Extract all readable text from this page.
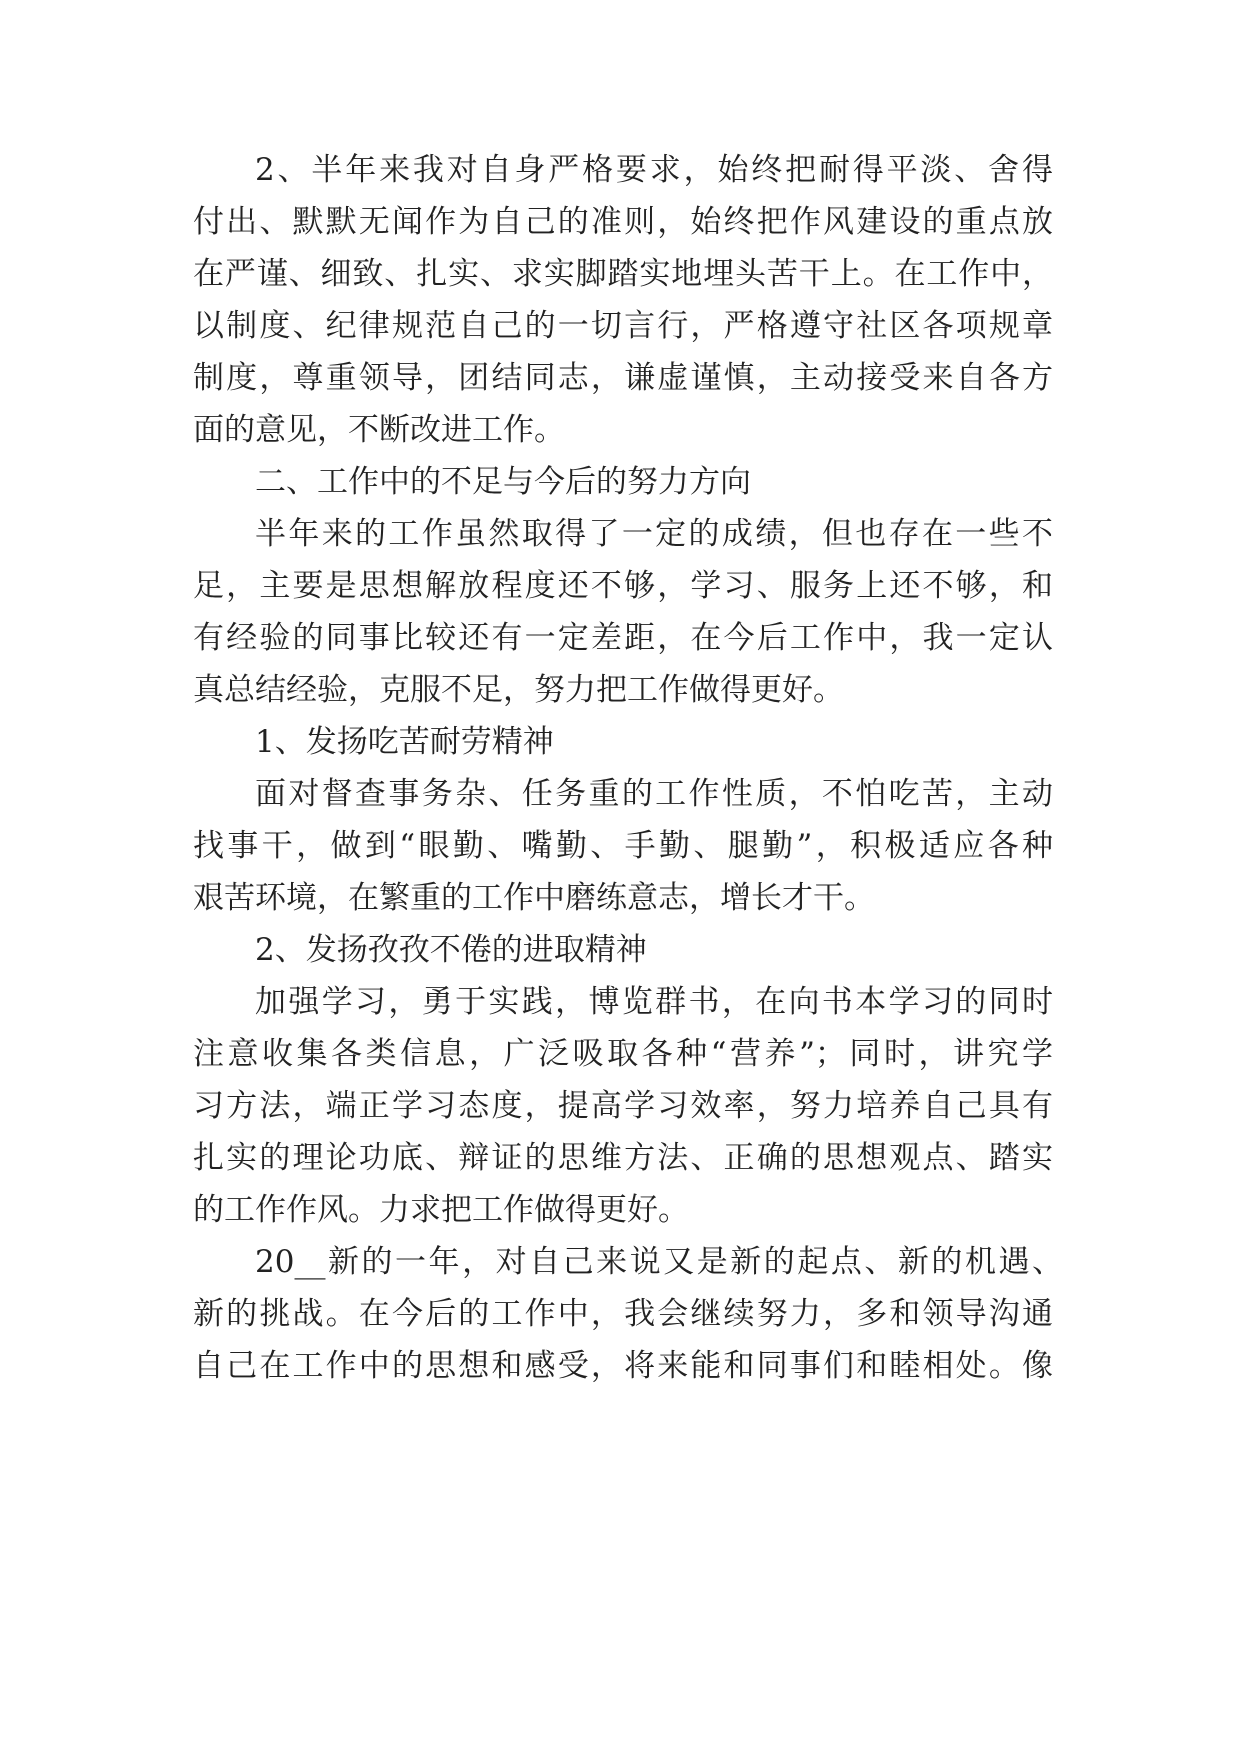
2、半年来我对自身严格要求，始终把耐得平淡、舍得
付出、默默无闻作为自己的准则，始终把作风建设的重点放
在严谨、细致、扎实、求实脚踏实地埋头苦干上。在工作中，
以制度、纪律规范自己的一切言行，严格遵守社区各项规章
制度，尊重领导，团结同志，谦虚谨慎，主动接受来自各方
面的意见，不断改进工作。
二、工作中的不足与今后的努力方向
半年来的工作虽然取得了一定的成绩，但也存在一些不
足，主要是思想解放程度还不够，学习、服务上还不够，和
有经验的同事比较还有一定差距，在今后工作中，我一定认
真总结经验，克服不足，努力把工作做得更好。
1、发扬吃苦耐劳精神
面对督查事务杂、任务重的工作性质，不怕吃苦，主动
找事干，做到“眼勤、嘴勤、手勤、腿勤”，积极适应各种
艰苦环境，在繁重的工作中磨练意志，增长才干。
2、发扬孜孜不倦的进取精神
加强学习，勇于实践，博览群书，在向书本学习的同时
注意收集各类信息，广泛吸取各种“营养”；同时，讲究学
习方法，端正学习态度，提高学习效率，努力培养自己具有
扎实的理论功底、辩证的思维方法、正确的思想观点、踏实
的工作作风。力求把工作做得更好。
20__新的一年，对自己来说又是新的起点、新的机遇、
新的挑战。在今后的工作中，我会继续努力，多和领导沟通
自己在工作中的思想和感受，将来能和同事们和睦相处。像
